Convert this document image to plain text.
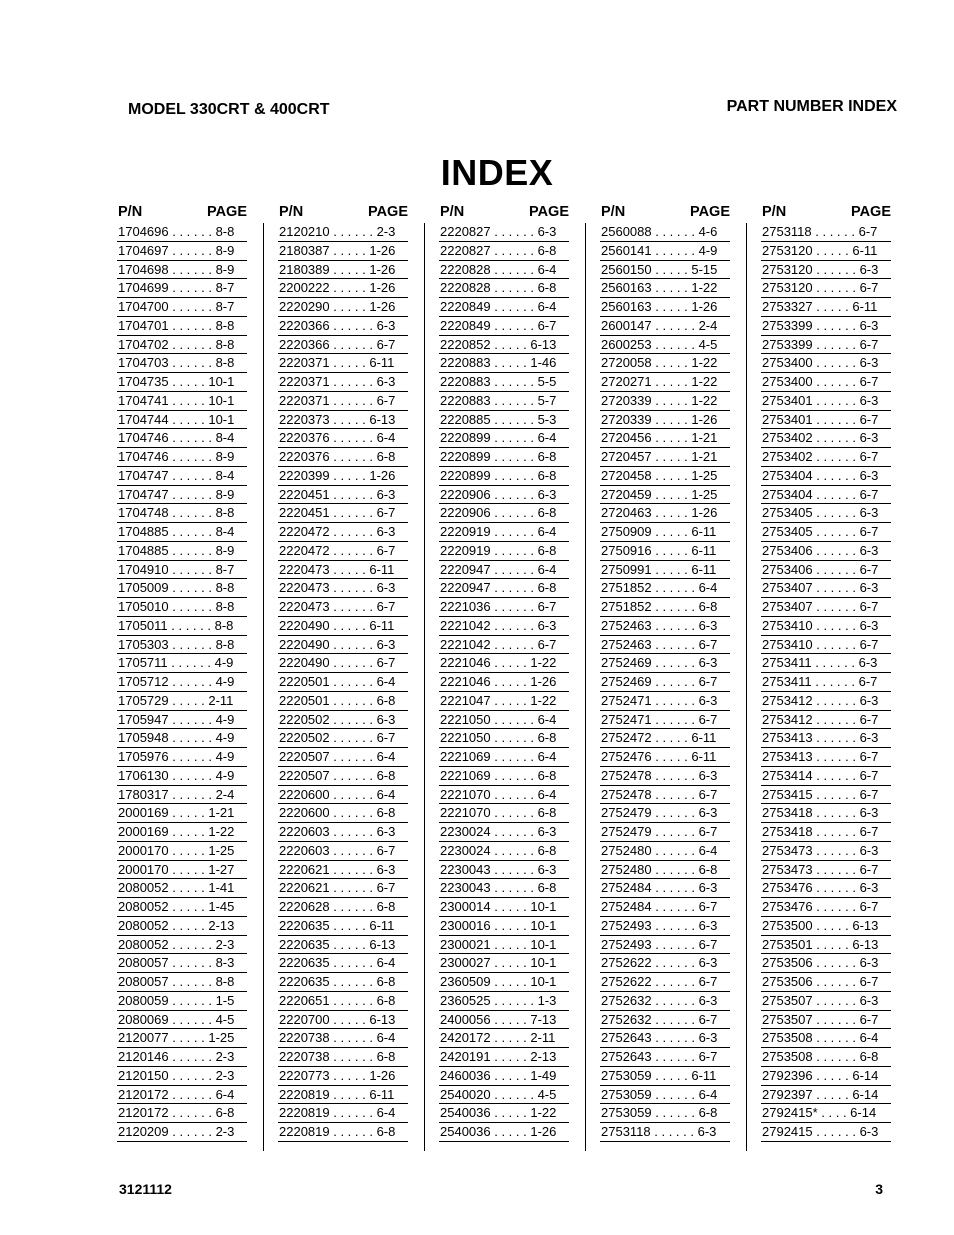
MODEL 330CRT & 400CRT	PART NUMBER INDEX
INDEX
P/N	PAGE
1704696 . . . . . . 8-8
1704697 . . . . . . 8-9
1704698 . . . . . . 8-9
1704699 . . . . . . 8-7
1704700 . . . . . . 8-7
1704701 . . . . . . 8-8
1704702 . . . . . . 8-8
1704703 . . . . . . 8-8
1704735 . . . . . 10-1
1704741 . . . . . 10-1
1704744 . . . . . 10-1
1704746 . . . . . . 8-4
1704746 . . . . . . 8-9
1704747 . . . . . . 8-4
1704747 . . . . . . 8-9
1704748 . . . . . . 8-8
1704885 . . . . . . 8-4
1704885 . . . . . . 8-9
1704910 . . . . . . 8-7
1705009 . . . . . . 8-8
1705010 . . . . . . 8-8
1705011 . . . . . . 8-8
1705303 . . . . . . 8-8
1705711 . . . . . . 4-9
1705712 . . . . . . 4-9
1705729 . . . . . 2-11
1705947 . . . . . . 4-9
1705948 . . . . . . 4-9
1705976 . . . . . . 4-9
1706130 . . . . . . 4-9
1780317 . . . . . . 2-4
2000169 . . . . . 1-21
2000169 . . . . . 1-22
2000170 . . . . . 1-25
2000170 . . . . . 1-27
2080052 . . . . . 1-41
2080052 . . . . . 1-45
2080052 . . . . . 2-13
2080052 . . . . . . 2-3
2080057 . . . . . . 8-3
2080057 . . . . . . 8-8
2080059 . . . . . . 1-5
2080069 . . . . . . 4-5
2120077 . . . . . 1-25
2120146 . . . . . . 2-3
2120150 . . . . . . 2-3
2120172 . . . . . . 6-4
2120172 . . . . . . 6-8
2120209 . . . . . . 2-3
P/N	PAGE
2120210 . . . . . . 2-3
2180387 . . . . . 1-26
2180389 . . . . . 1-26
2200222 . . . . . 1-26
2220290 . . . . . 1-26
2220366 . . . . . . 6-3
2220366 . . . . . . 6-7
2220371 . . . . . 6-11
2220371 . . . . . . 6-3
2220371 . . . . . . 6-7
2220373 . . . . . 6-13
2220376 . . . . . . 6-4
2220376 . . . . . . 6-8
2220399 . . . . . 1-26
2220451 . . . . . . 6-3
2220451 . . . . . . 6-7
2220472 . . . . . . 6-3
2220472 . . . . . . 6-7
2220473 . . . . . 6-11
2220473 . . . . . . 6-3
2220473 . . . . . . 6-7
2220490 . . . . . 6-11
2220490 . . . . . . 6-3
2220490 . . . . . . 6-7
2220501 . . . . . . 6-4
2220501 . . . . . . 6-8
2220502 . . . . . . 6-3
2220502 . . . . . . 6-7
2220507 . . . . . . 6-4
2220507 . . . . . . 6-8
2220600 . . . . . . 6-4
2220600 . . . . . . 6-8
2220603 . . . . . . 6-3
2220603 . . . . . . 6-7
2220621 . . . . . . 6-3
2220621 . . . . . . 6-7
2220628 . . . . . . 6-8
2220635 . . . . . 6-11
2220635 . . . . . 6-13
2220635 . . . . . . 6-4
2220635 . . . . . . 6-8
2220651 . . . . . . 6-8
2220700 . . . . . 6-13
2220738 . . . . . . 6-4
2220738 . . . . . . 6-8
2220773 . . . . . 1-26
2220819 . . . . . 6-11
2220819 . . . . . . 6-4
2220819 . . . . . . 6-8
P/N	PAGE
2220827 . . . . . . 6-3
2220827 . . . . . . 6-8
2220828 . . . . . . 6-4
2220828 . . . . . . 6-8
2220849 . . . . . . 6-4
2220849 . . . . . . 6-7
2220852 . . . . . 6-13
2220883 . . . . . 1-46
2220883 . . . . . . 5-5
2220883 . . . . . . 5-7
2220885 . . . . . . 5-3
2220899 . . . . . . 6-4
2220899 . . . . . . 6-8
2220899 . . . . . . 6-8
2220906 . . . . . . 6-3
2220906 . . . . . . 6-8
2220919 . . . . . . 6-4
2220919 . . . . . . 6-8
2220947 . . . . . . 6-4
2220947 . . . . . . 6-8
2221036 . . . . . . 6-7
2221042 . . . . . . 6-3
2221042 . . . . . . 6-7
2221046 . . . . . 1-22
2221046 . . . . . 1-26
2221047 . . . . . 1-22
2221050 . . . . . . 6-4
2221050 . . . . . . 6-8
2221069 . . . . . . 6-4
2221069 . . . . . . 6-8
2221070 . . . . . . 6-4
2221070 . . . . . . 6-8
2230024 . . . . . . 6-3
2230024 . . . . . . 6-8
2230043 . . . . . . 6-3
2230043 . . . . . . 6-8
2300014 . . . . . 10-1
2300016 . . . . . 10-1
2300021 . . . . . 10-1
2300027 . . . . . 10-1
2360509 . . . . . 10-1
2360525 . . . . . . 1-3
2400056 . . . . . 7-13
2420172 . . . . . 2-11
2420191 . . . . . 2-13
2460036 . . . . . 1-49
2540020 . . . . . . 4-5
2540036 . . . . . 1-22
2540036 . . . . . 1-26
P/N	PAGE
2560088 . . . . . . 4-6
2560141 . . . . . . 4-9
2560150 . . . . . 5-15
2560163 . . . . . 1-22
2560163 . . . . . 1-26
2600147 . . . . . . 2-4
2600253 . . . . . . 4-5
2720058 . . . . . 1-22
2720271 . . . . . 1-22
2720339 . . . . . 1-22
2720339 . . . . . 1-26
2720456 . . . . . 1-21
2720457 . . . . . 1-21
2720458 . . . . . 1-25
2720459 . . . . . 1-25
2720463 . . . . . 1-26
2750909 . . . . . 6-11
2750916 . . . . . 6-11
2750991 . . . . . 6-11
2751852 . . . . . . 6-4
2751852 . . . . . . 6-8
2752463 . . . . . . 6-3
2752463 . . . . . . 6-7
2752469 . . . . . . 6-3
2752469 . . . . . . 6-7
2752471 . . . . . . 6-3
2752471 . . . . . . 6-7
2752472 . . . . . 6-11
2752476 . . . . . 6-11
2752478 . . . . . . 6-3
2752478 . . . . . . 6-7
2752479 . . . . . . 6-3
2752479 . . . . . . 6-7
2752480 . . . . . . 6-4
2752480 . . . . . . 6-8
2752484 . . . . . . 6-3
2752484 . . . . . . 6-7
2752493 . . . . . . 6-3
2752493 . . . . . . 6-7
2752622 . . . . . . 6-3
2752622 . . . . . . 6-7
2752632 . . . . . . 6-3
2752632 . . . . . . 6-7
2752643 . . . . . . 6-3
2752643 . . . . . . 6-7
2753059 . . . . . 6-11
2753059 . . . . . . 6-4
2753059 . . . . . . 6-8
2753118 . . . . . . 6-3
P/N	PAGE
2753118 . . . . . . 6-7
2753120 . . . . . 6-11
2753120 . . . . . . 6-3
2753120 . . . . . . 6-7
2753327 . . . . . 6-11
2753399 . . . . . . 6-3
2753399 . . . . . . 6-7
2753400 . . . . . . 6-3
2753400 . . . . . . 6-7
2753401 . . . . . . 6-3
2753401 . . . . . . 6-7
2753402 . . . . . . 6-3
2753402 . . . . . . 6-7
2753404 . . . . . . 6-3
2753404 . . . . . . 6-7
2753405 . . . . . . 6-3
2753405 . . . . . . 6-7
2753406 . . . . . . 6-3
2753406 . . . . . . 6-7
2753407 . . . . . . 6-3
2753407 . . . . . . 6-7
2753410 . . . . . . 6-3
2753410 . . . . . . 6-7
2753411 . . . . . . 6-3
2753411 . . . . . . 6-7
2753412 . . . . . . 6-3
2753412 . . . . . . 6-7
2753413 . . . . . . 6-3
2753413 . . . . . . 6-7
2753414 . . . . . . 6-7
2753415 . . . . . . 6-7
2753418 . . . . . . 6-3
2753418 . . . . . . 6-7
2753473 . . . . . . 6-3
2753473 . . . . . . 6-7
2753476 . . . . . . 6-3
2753476 . . . . . . 6-7
2753500 . . . . . 6-13
2753501 . . . . . 6-13
2753506 . . . . . . 6-3
2753506 . . . . . . 6-7
2753507 . . . . . . 6-3
2753507 . . . . . . 6-7
2753508 . . . . . . 6-4
2753508 . . . . . . 6-8
2792396 . . . . . 6-14
2792397 . . . . . 6-14
2792415* . . . . 6-14
2792415 . . . . . . 6-3
3121112	3
